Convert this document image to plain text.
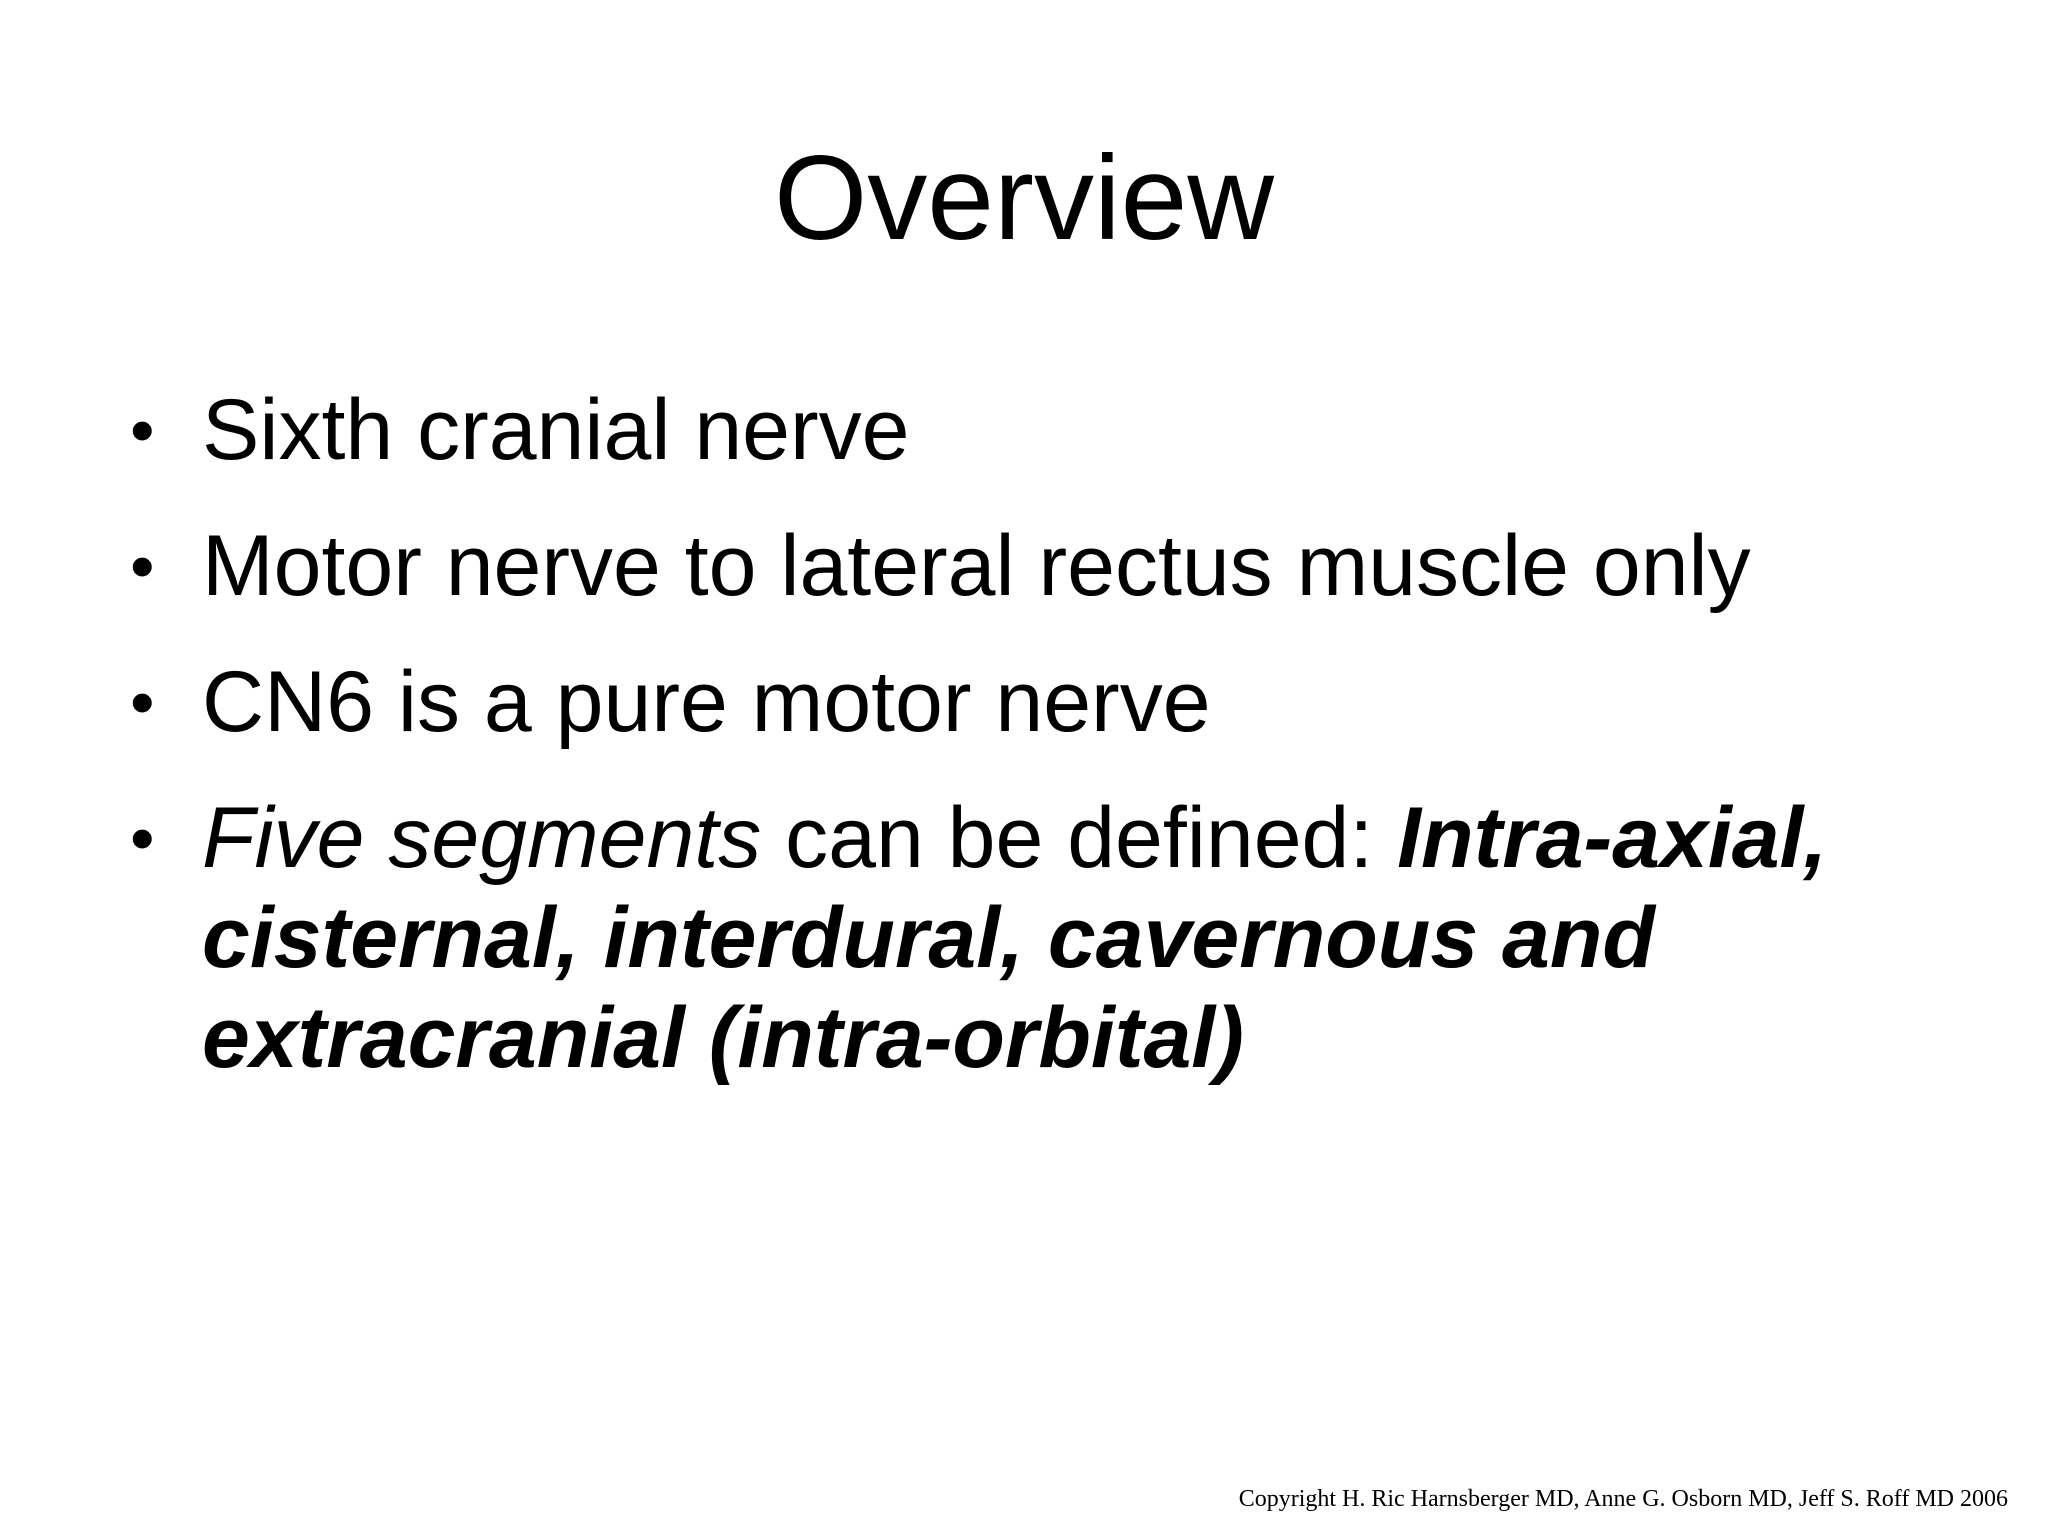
Overview
• Sixth cranial nerve
• Motor nerve to lateral rectus muscle only
• CN6 is a pure motor nerve
• Five segments can be defined: Intra-axial, cisternal, interdural, cavernous and extracranial (intra-orbital)
Copyright H. Ric Harnsberger MD, Anne G. Osborn MD, Jeff S. Roff MD 2006
